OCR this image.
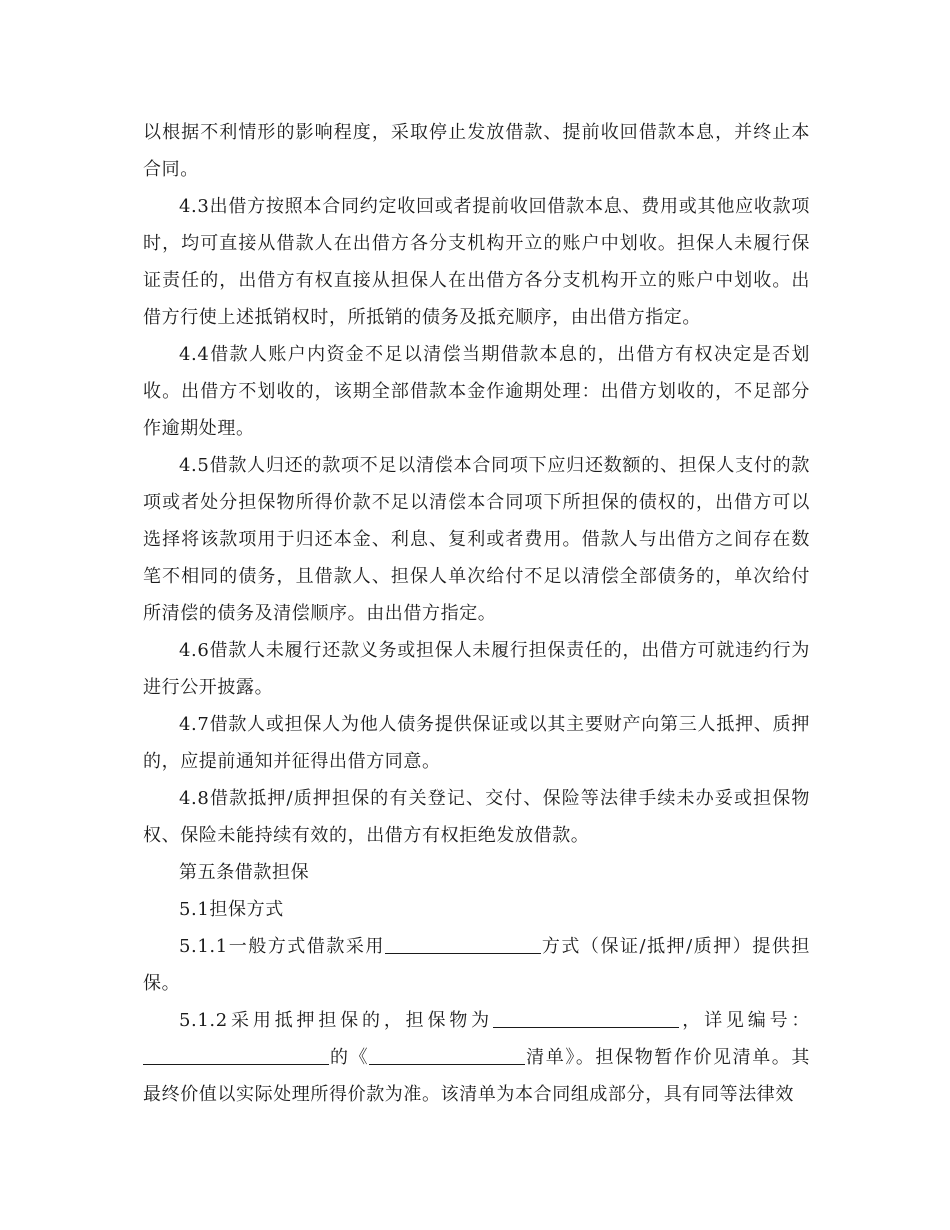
以根据不利情形的影响程度，采取停止发放借款、提前收回借款本息，并终止本合同。

4.3出借方按照本合同约定收回或者提前收回借款本息、费用或其他应收款项时，均可直接从借款人在出借方各分支机构开立的账户中划收。担保人未履行保证责任的，出借方有权直接从担保人在出借方各分支机构开立的账户中划收。出借方行使上述抵销权时，所抵销的债务及抵充顺序，由出借方指定。

4.4借款人账户内资金不足以清偿当期借款本息的，出借方有权决定是否划收。出借方不划收的，该期全部借款本金作逾期处理：出借方划收的，不足部分作逾期处理。

4.5借款人归还的款项不足以清偿本合同项下应归还数额的、担保人支付的款项或者处分担保物所得价款不足以清偿本合同项下所担保的债权的，出借方可以选择将该款项用于归还本金、利息、复利或者费用。借款人与出借方之间存在数笔不相同的债务，且借款人、担保人单次给付不足以清偿全部债务的，单次给付所清偿的债务及清偿顺序。由出借方指定。

4.6借款人未履行还款义务或担保人未履行担保责任的，出借方可就违约行为进行公开披露。

4.7借款人或担保人为他人债务提供保证或以其主要财产向第三人抵押、质押的，应提前通知并征得出借方同意。

4.8借款抵押/质押担保的有关登记、交付、保险等法律手续未办妥或担保物权、保险未能持续有效的，出借方有权拒绝发放借款。

第五条借款担保

5.1担保方式

5.1.1一般方式借款采用	方式（保证/抵押/质押）提供担保。

5.1.2采用抵押担保的，担保物为	，详见编号：的《	清单》。担保物暂作价见清单。其最终价值以实际处理所得价款为准。该清单为本合同组成部分，具有同等法律效
